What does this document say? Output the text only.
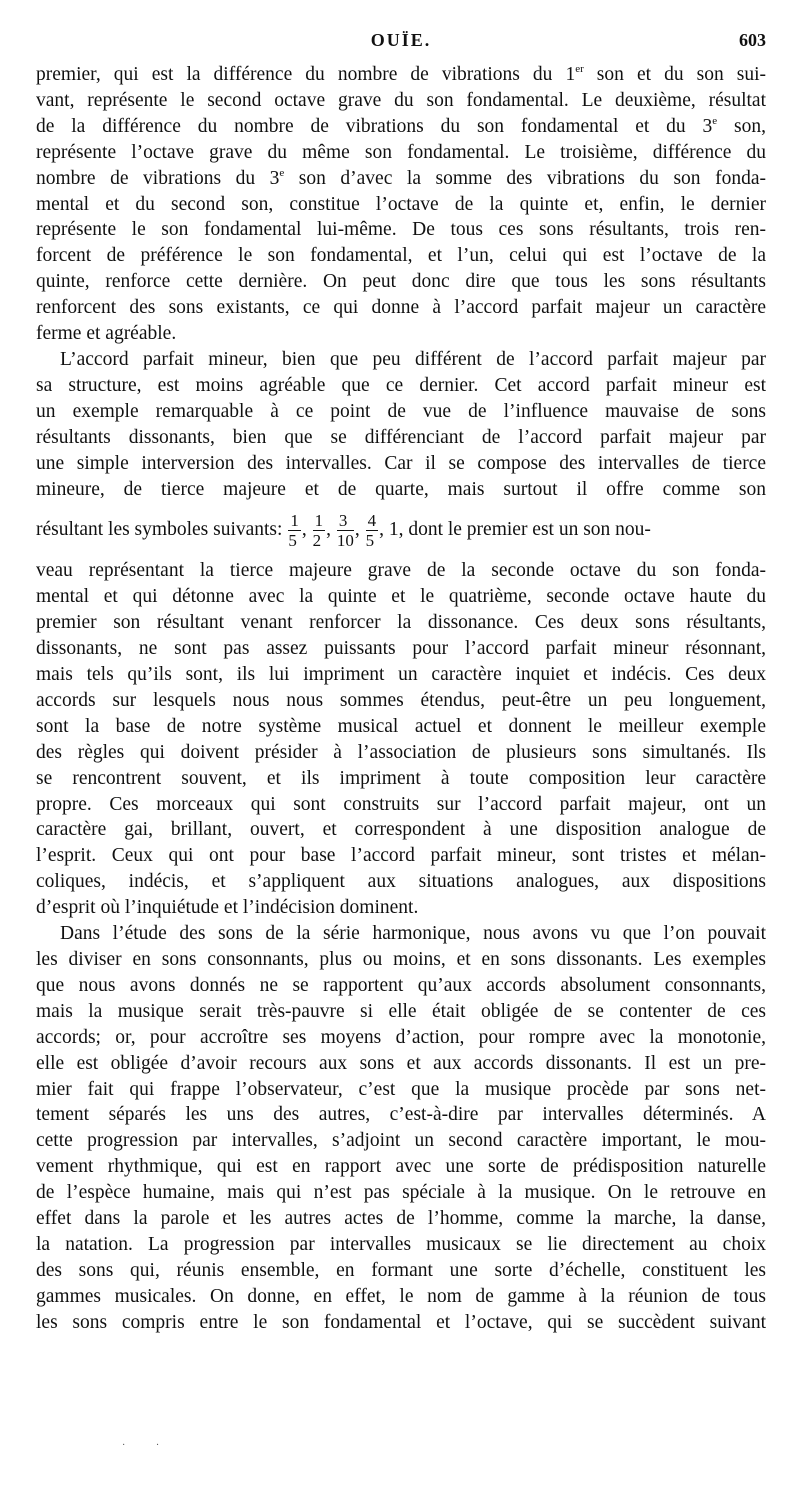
OUÏE.	603

premier, qui est la différence du nombre de vibrations du 1er son et du son sui-

vant, représente le second octave grave du son fondamental. Le deuxième, résultat

de la différence du nombre de vibrations du son fondamental et du 3e son,

représente l’octave grave du même son fondamental. Le troisième, différence du

nombre de vibrations du 3e son d’avec la somme des vibrations du son fonda-

mental et du second son, constitue l’octave de la quinte et, enfin, le dernier

représente le son fondamental lui-même. De tous ces sons résultants, trois ren-

forcent de préférence le son fondamental, et l’un, celui qui est l’octave de la

quinte, renforce cette dernière. On peut donc dire que tous les sons résultants

renforcent des sons existants, ce qui donne à l’accord parfait majeur un caractère

ferme et agréable.

L’accord parfait mineur, bien que peu différent de l’accord parfait majeur par

sa structure, est moins agréable que ce dernier. Cet accord parfait mineur est

un exemple remarquable à ce point de vue de l’influence mauvaise de sons

résultants dissonants, bien que se différenciant de l’accord parfait majeur par

une simple interversion des intervalles. Car il se compose des intervalles de tierce

mineure, de tierce majeure et de quarte, mais surtout il offre comme son

résultant les symboles suivants: $\frac{1}{5}$ , $\frac{1}{2}$ , $\frac{3}{10}$ , $\frac{4}{5}$ , 1, dont le premier est un son nou-

veau représentant la tierce majeure grave de la seconde octave du son fonda-

mental et qui détonne avec la quinte et le quatrième, seconde octave haute du

premier son résultant venant renforcer la dissonance. Ces deux sons résultants,

dissonants, ne sont pas assez puissants pour l’accord parfait mineur résonnant,

mais tels qu’ils sont, ils lui impriment un caractère inquiet et indécis. Ces deux

accords sur lesquels nous nous sommes étendus, peut-être un peu longuement,

sont la base de notre système musical actuel et donnent le meilleur exemple

des règles qui doivent présider à l’association de plusieurs sons simultanés. Ils

se rencontrent souvent, et ils impriment à toute composition leur caractère

propre. Ces morceaux qui sont construits sur l’accord parfait majeur, ont un

caractère gai, brillant, ouvert, et correspondent à une disposition analogue de

l’esprit. Ceux qui ont pour base l’accord parfait mineur, sont tristes et mélan-

coliques, indécis, et s’appliquent aux situations analogues, aux dispositions

d’esprit où l’inquiétude et l’indécision dominent.

Dans l’étude des sons de la série harmonique, nous avons vu que l’on pouvait

les diviser en sons consonnants, plus ou moins, et en sons dissonants. Les exemples

que nous avons donnés ne se rapportent qu’aux accords absolument consonnants,

mais la musique serait très-pauvre si elle était obligée de se contenter de ces

accords; or, pour accroître ses moyens d’action, pour rompre avec la monotonie,

elle est obligée d’avoir recours aux sons et aux accords dissonants. Il est un pre-

mier fait qui frappe l’observateur, c’est que la musique procède par sons net-

tement séparés les uns des autres, c’est-à-dire par intervalles déterminés. A

cette progression par intervalles, s’adjoint un second caractère important, le mou-

vement rhythmique, qui est en rapport avec une sorte de prédisposition naturelle

de l’espèce humaine, mais qui n’est pas spéciale à la musique. On le retrouve en

effet dans la parole et les autres actes de l’homme, comme la marche, la danse,

la natation. La progression par intervalles musicaux se lie directement au choix

des sons qui, réunis ensemble, en formant une sorte d’échelle, constituent les

gammes musicales. On donne, en effet, le nom de gamme à la réunion de tous

les sons compris entre le son fondamental et l’octave, qui se succèdent suivant

· ·
